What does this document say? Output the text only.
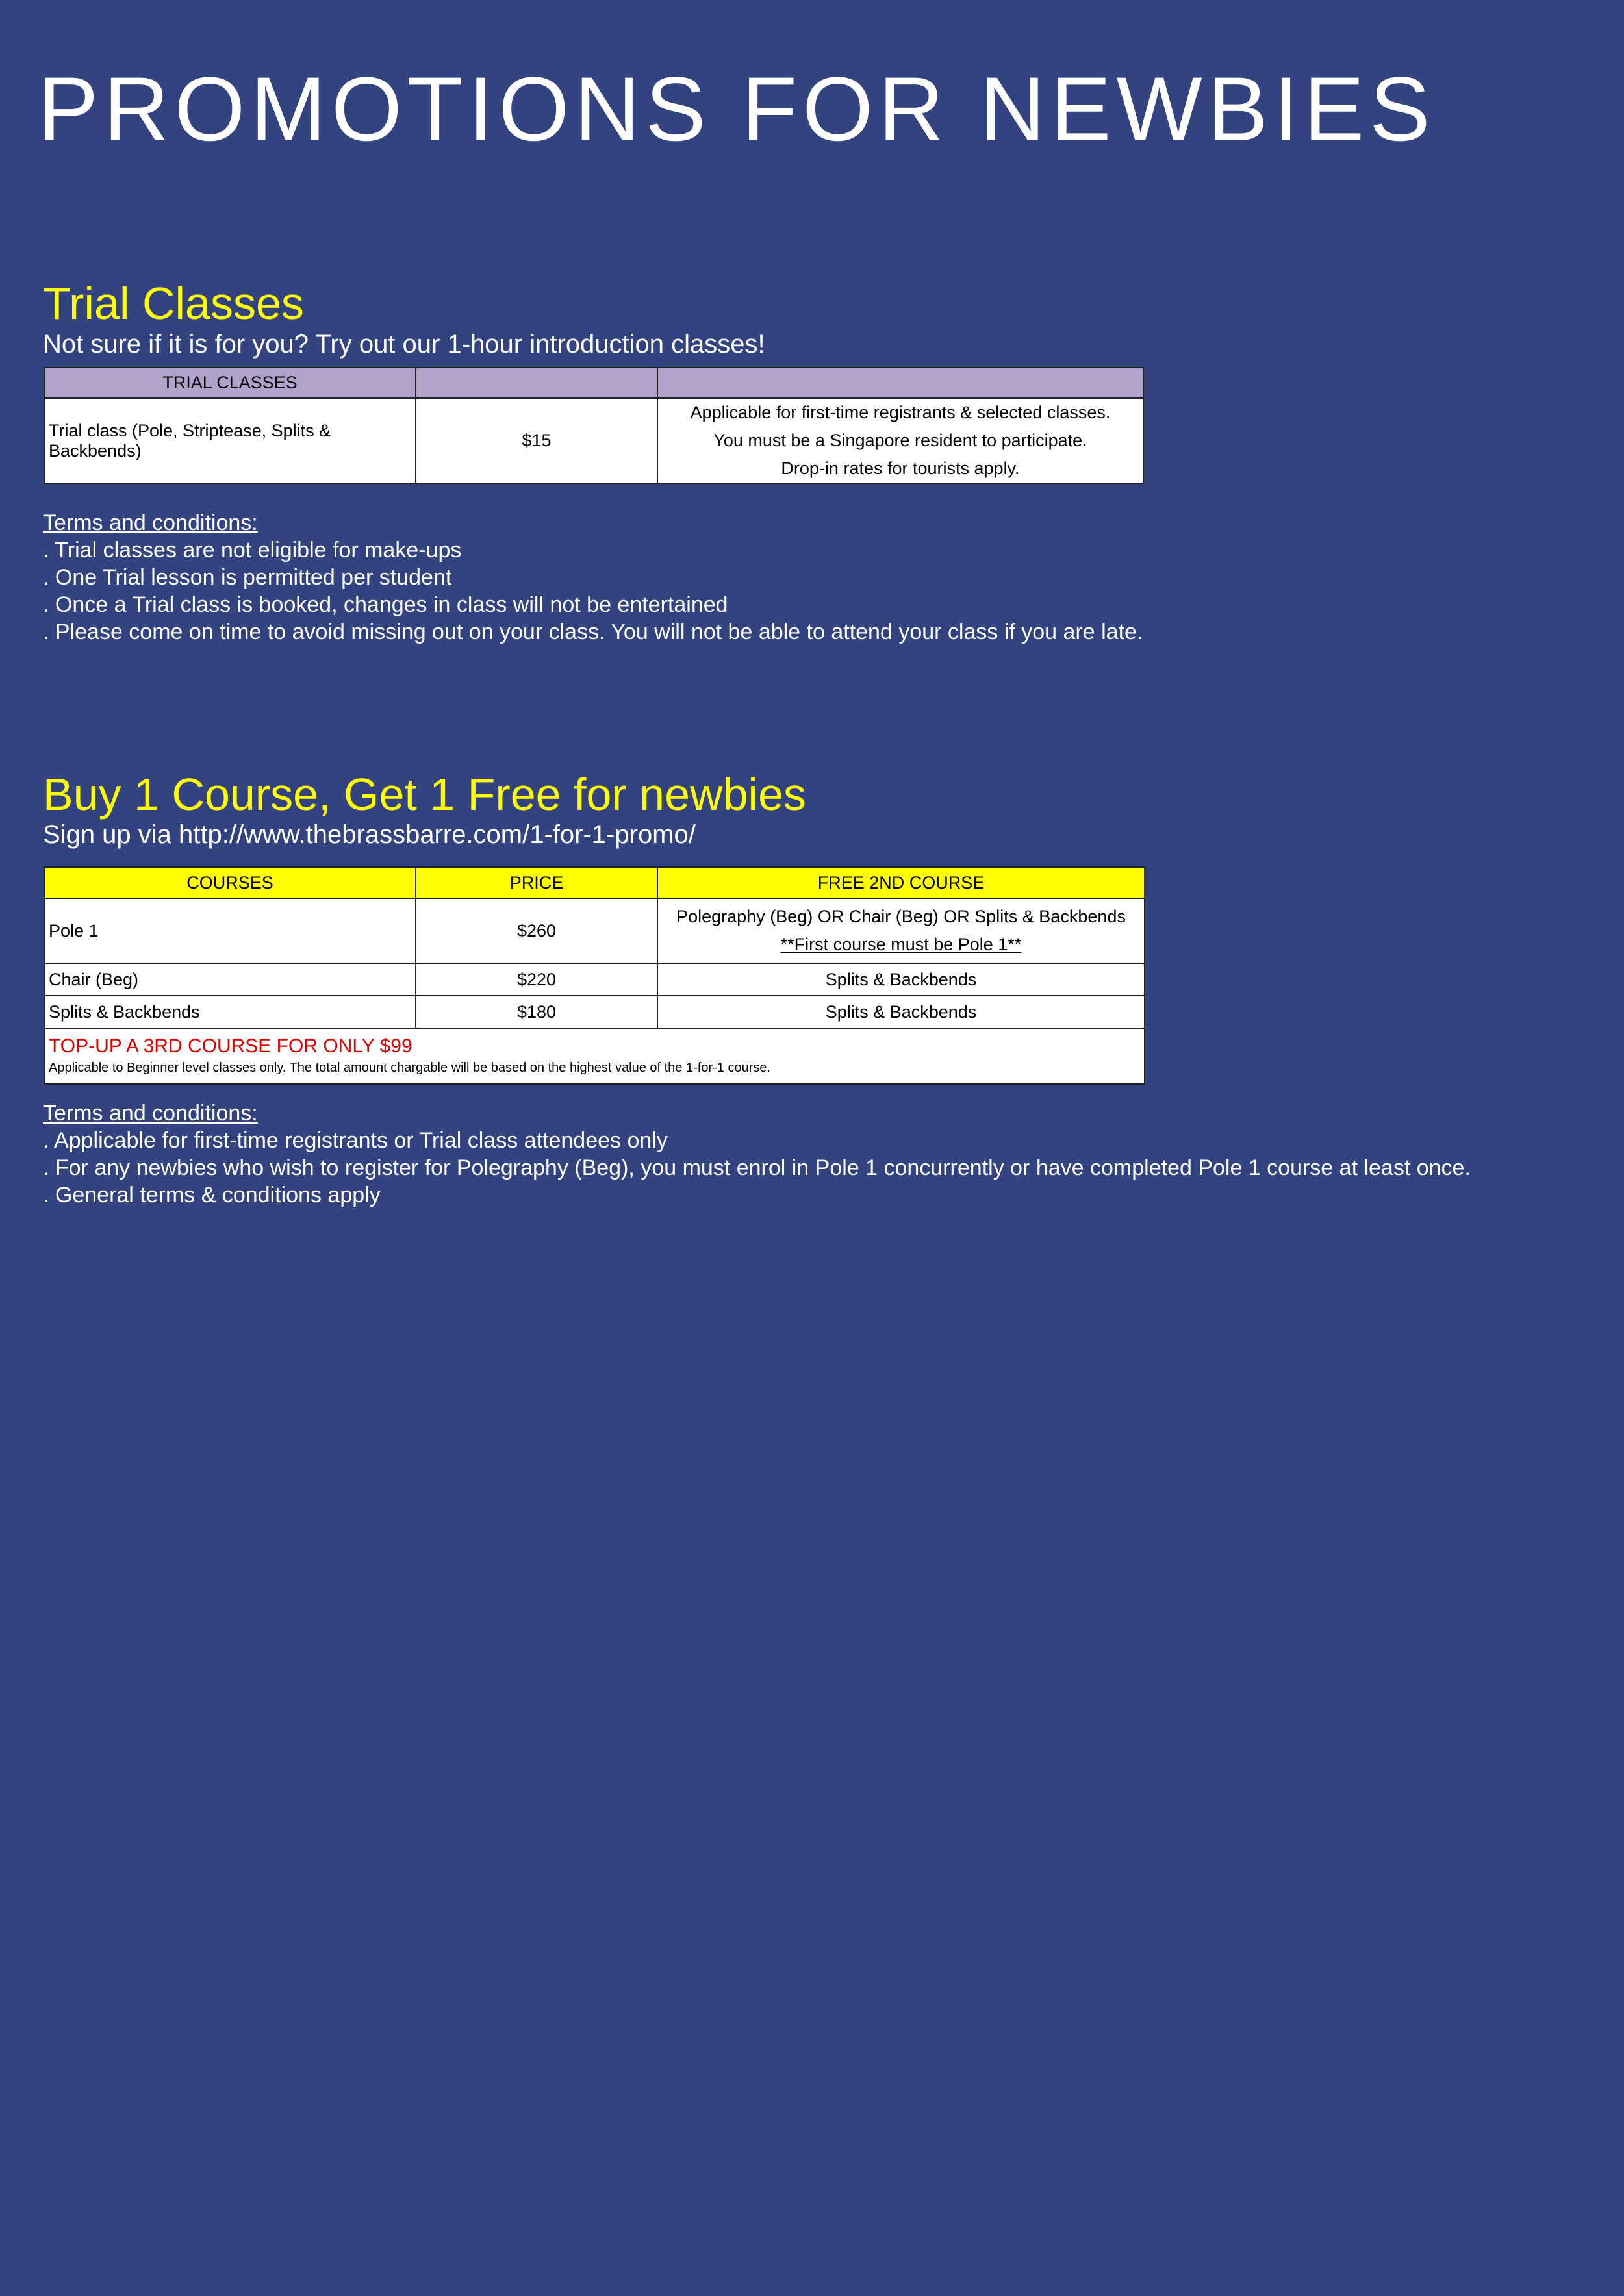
PROMOTIONS FOR NEWBIES
Trial Classes
Not sure if it is for you? Try out our 1-hour introduction classes!
TRIAL CLASSES		
Trial class (Pole, Striptease, Splits & Backbends)	$15	Applicable for first-time registrants & selected classes.
You must be a Singapore resident to participate.
Drop-in rates for tourists apply.
Terms and conditions:
. Trial classes are not eligible for make-ups
. One Trial lesson is permitted per student
. Once a Trial class is booked, changes in class will not be entertained
. Please come on time to avoid missing out on your class. You will not be able to attend your class if you are late.
Buy 1 Course, Get 1 Free for newbies
Sign up via http://www.thebrassbarre.com/1-for-1-promo/
COURSES	PRICE	FREE 2ND COURSE
Pole 1	$260	Polegraphy (Beg) OR Chair (Beg) OR Splits & Backbends
**First course must be Pole 1**

Chair (Beg)	$220	Splits & Backbends
Splits & Backbends	$180	Splits & Backbends

TOP-UP A 3RD COURSE FOR ONLY $99
Applicable to Beginner level classes only. The total amount chargable will be based on the highest value of the 1-for-1 course.		
Terms and conditions:
. Applicable for first-time registrants or Trial class attendees only
. For any newbies who wish to register for Polegraphy (Beg), you must enrol in Pole 1 concurrently or have completed Pole 1 course at least once.
. General terms & conditions apply
